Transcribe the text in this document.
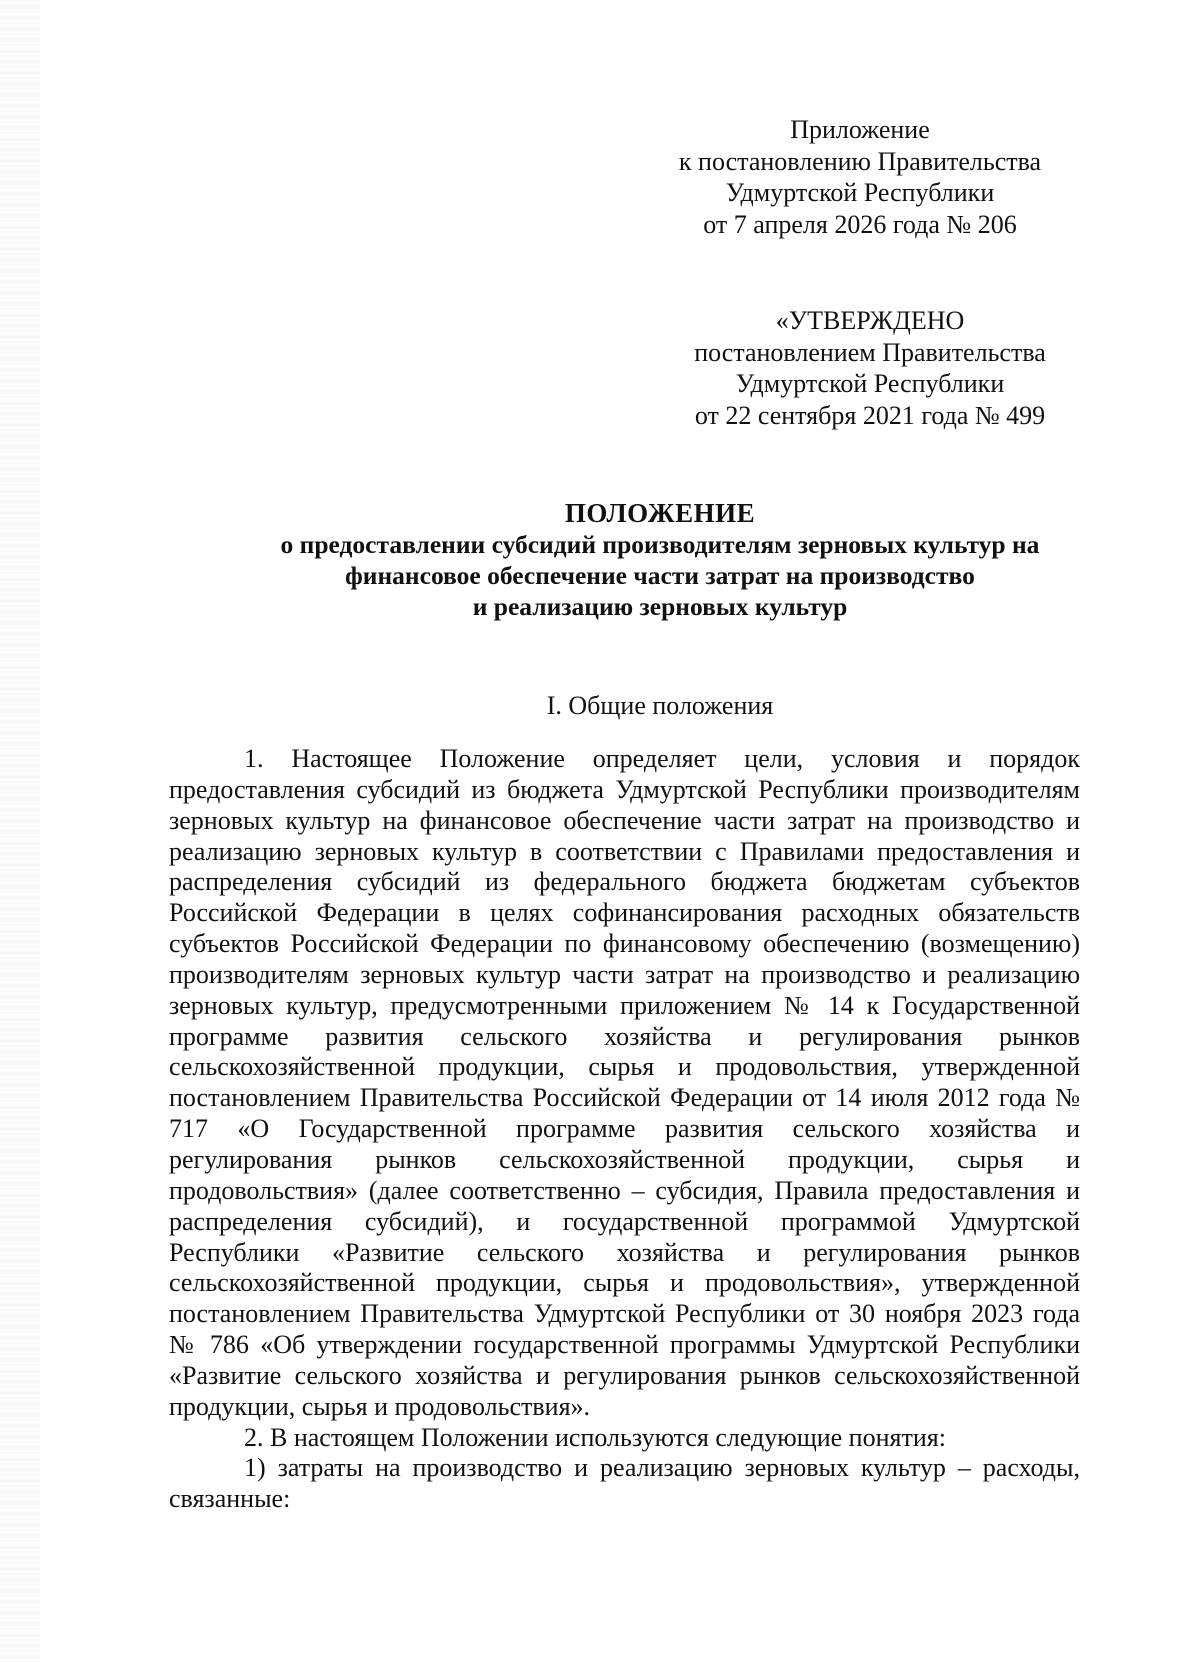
Приложение
к постановлению Правительства
Удмуртской Республики
от 7 апреля 2026 года № 206
«УТВЕРЖДЕНО
постановлением Правительства
Удмуртской Республики
от 22 сентября 2021 года № 499
ПОЛОЖЕНИЕ
о предоставлении субсидий производителям зерновых культур на
финансовое обеспечение части затрат на производство
и реализацию зерновых культур
I. Общие положения

1. Настоящее Положение определяет цели, условия и порядок предоставления субсидий из бюджета Удмуртской Республики производителям зерновых культур на финансовое обеспечение части затрат на производство и реализацию зерновых культур в соответствии с Правилами предоставления и распределения субсидий из федерального бюджета бюджетам субъектов Российской Федерации в целях софинансирования расходных обязательств субъектов Российской Федерации по финансовому обеспечению (возмещению) производителям зерновых культур части затрат на производство и реализацию зерновых культур, предусмотренными приложением № 14 к Государственной программе развития сельского хозяйства и регулирования рынков сельскохозяйственной продукции, сырья и продовольствия, утвержденной постановлением Правительства Российской Федерации от 14 июля 2012 года № 717 «О Государственной программе развития сельского хозяйства и регулирования рынков сельскохозяйственной продукции, сырья и продовольствия» (далее соответственно – субсидия, Правила предоставления и распределения субсидий), и государственной программой Удмуртской Республики «Развитие сельского хозяйства и регулирования рынков сельскохозяйственной продукции, сырья и продовольствия», утвержденной постановлением Правительства Удмуртской Республики от 30 ноября 2023 года № 786 «Об утверждении государственной программы Удмуртской Республики «Развитие сельского хозяйства и регулирования рынков сельскохозяйственной продукции, сырья и продовольствия».

2. В настоящем Положении используются следующие понятия:

1) затраты на производство и реализацию зерновых культур – расходы, связанные:
